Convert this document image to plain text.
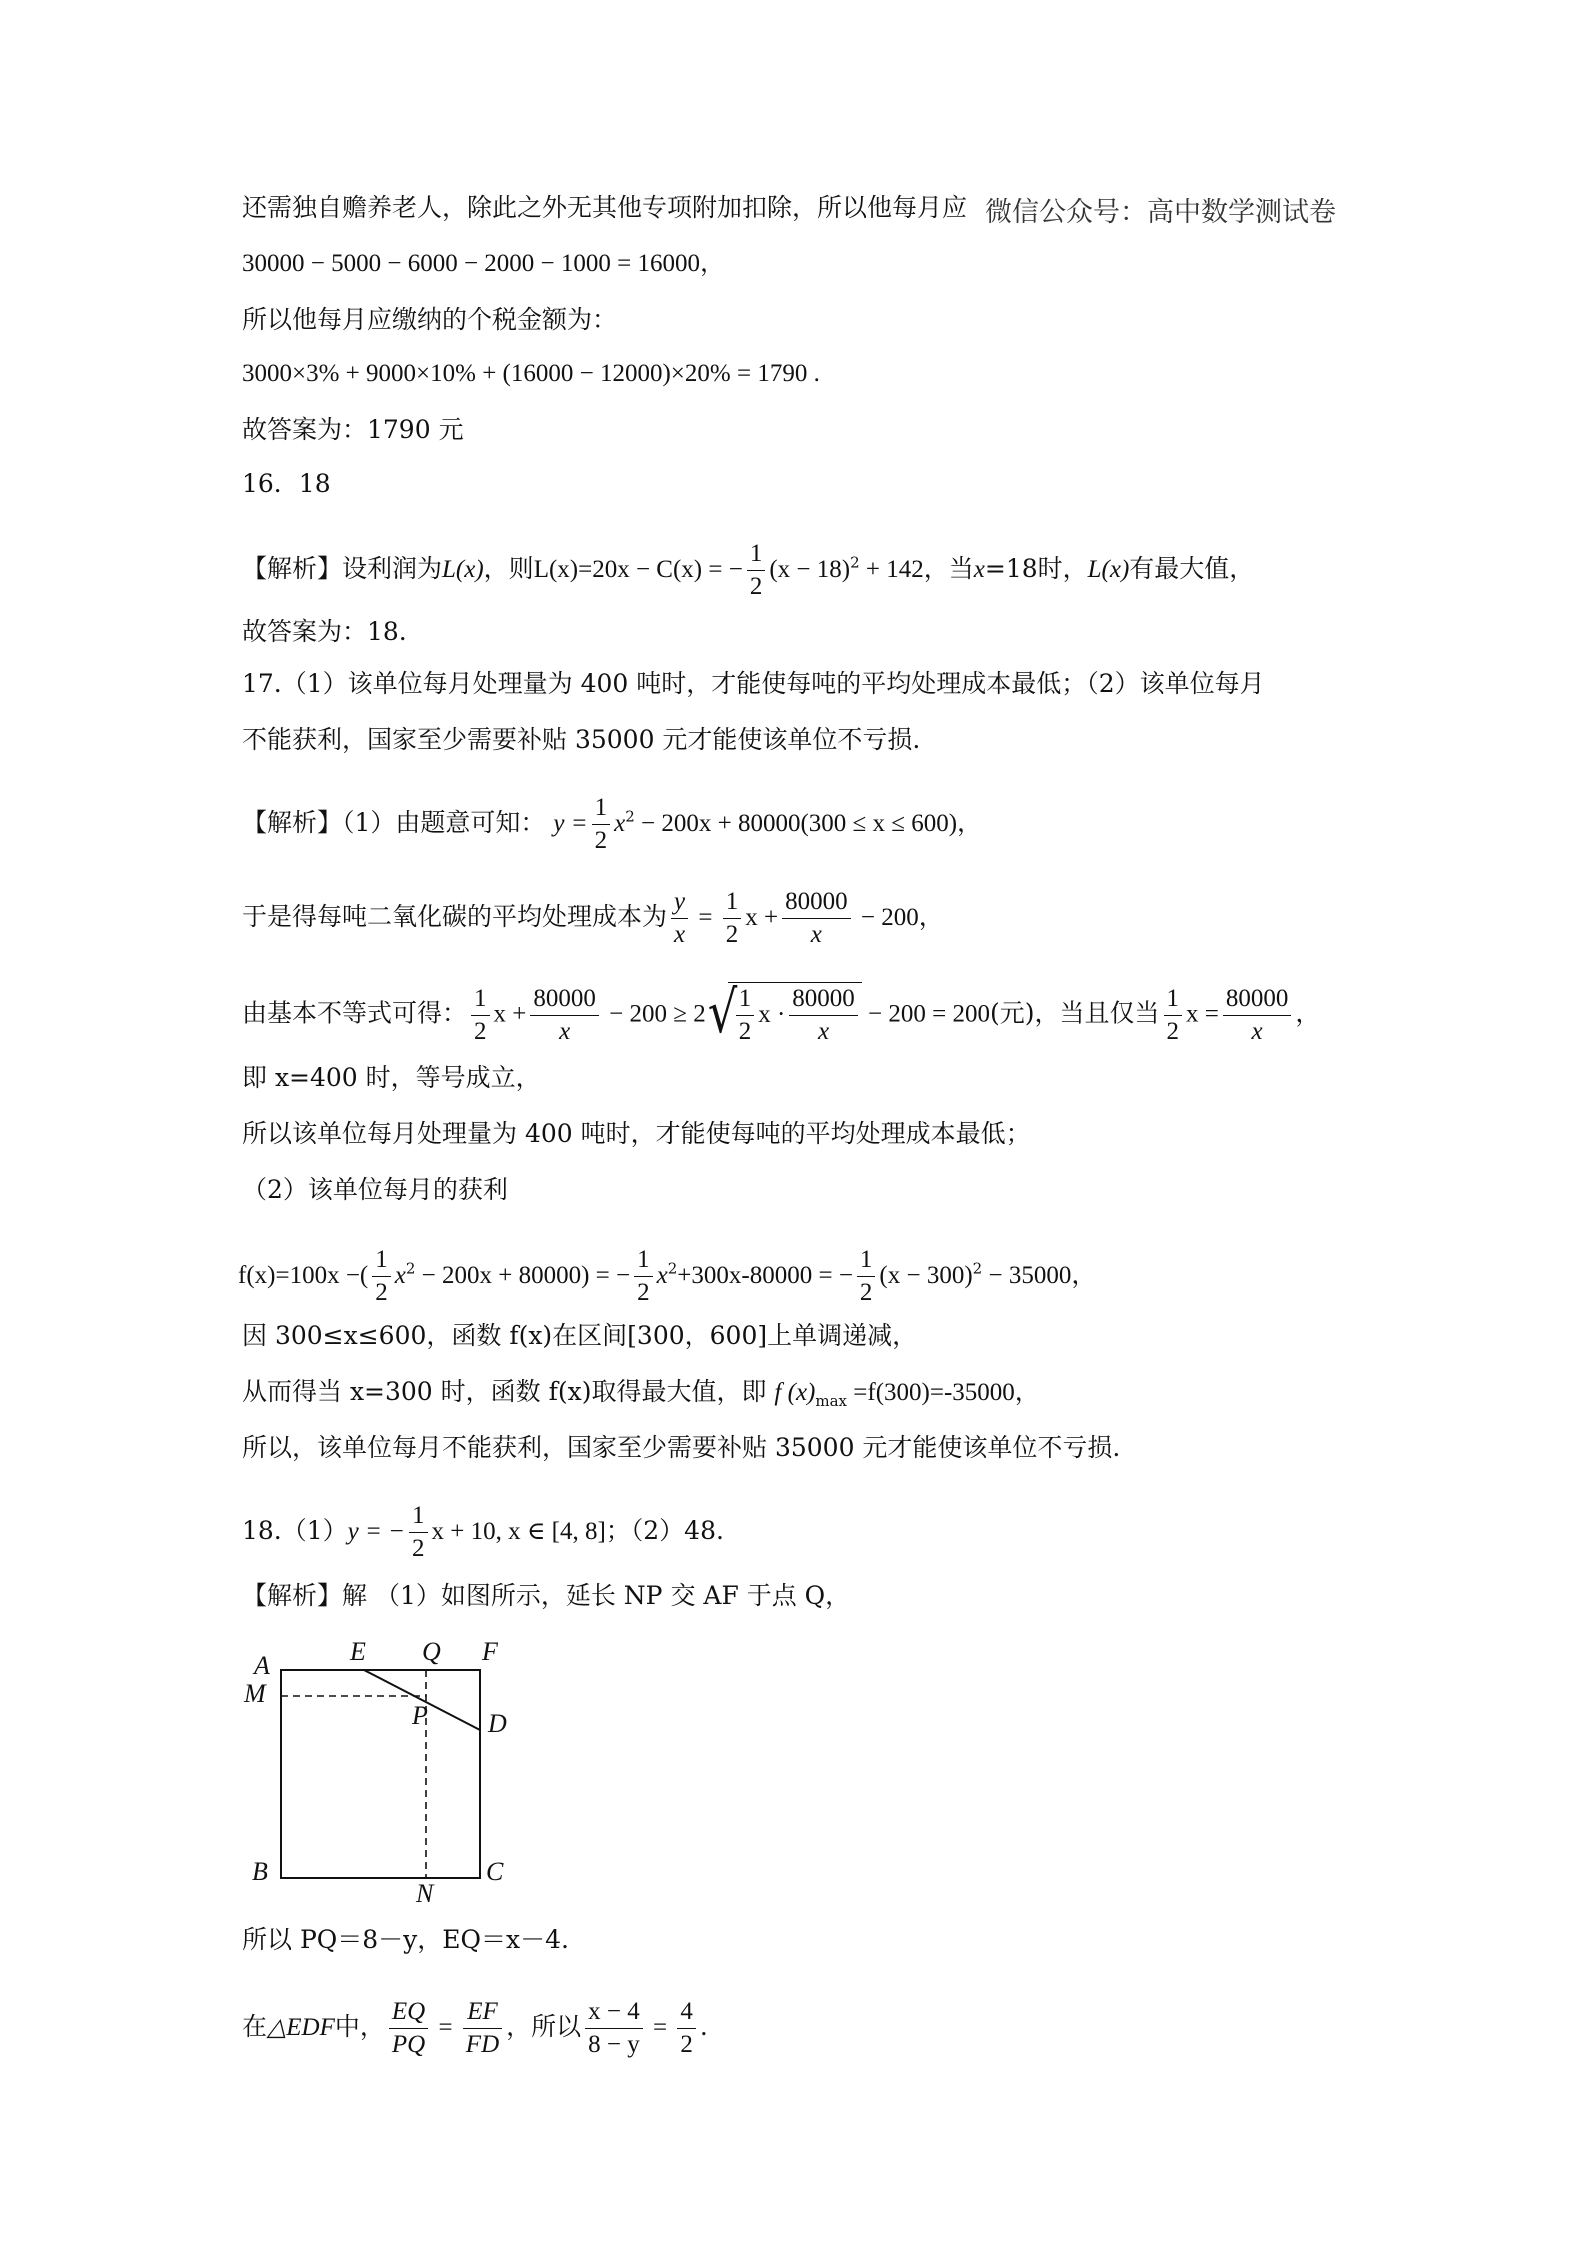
微信公众号：高中数学测试卷
还需独自赡养老人，除此之外无其他专项附加扣除，所以他每月应
30000 − 5000 − 6000 − 2000 − 1000 = 16000，
所以他每月应缴纳的个税金额为：
3000×3% + 9000×10% + (16000 − 12000)×20% = 1790 .
故答案为：1790 元
16．18
【解析】设利润为L(x)，则L(x)=20x − C(x) = − $\frac{1}{2} (x - 18)^2 + 142$，当x=18时，L(x)有最大值，
故答案为：18.
17.（1）该单位每月处理量为 400 吨时，才能使每吨的平均处理成本最低；（2）该单位每月
不能获利，国家至少需要补贴 35000 元才能使该单位不亏损.
【解析】（1）由题意可知： $y = \frac{1}{2} x^2 - 200x + 80000(300 \le x \le 600)$，
于是得每吨二氧化碳的平均处理成本为 $\frac{y}{x} = \frac{1}{2}$ $x + \frac{80000}{x} - 200$，
由基本不等式可得： $\frac{1}{2}$ $x + \frac{80000}{x} - 200 \ge 2$
√ $\frac{1}{2}$ $x \cdot \frac{80000}{x} - 200 = 200$(元)，当且仅当 $\frac{1}{2}$ $x = \frac{80000}{x}$ ，
即 x=400 时，等号成立，
所以该单位每月处理量为 400 吨时，才能使每吨的平均处理成本最低；
（2）该单位每月的获利
f(x)=100x −( $\frac{1}{2} x^2 - 200x + 80000$) = − $\frac{1}{2} x^2+300x-80000$ = − $\frac{1}{2} (x - 300)^2 - 35000$，
因 300≤x≤600，函数 f(x)在区间[300，600]上单调递减，
从而得当 x=300 时，函数 f(x)取得最大值，即 f $(x)_{max} =f(300)=-35000$，
所以，该单位每月不能获利，国家至少需要补贴 35000 元才能使该单位不亏损.
18.（1）y = − $\frac{1}{2}$ x + 10, x ∈ [4, 8]；（2）48.
【解析】解 （1）如图所示，延长 NP 交 AF 于点 Q，
A
M
B
E Q F
P D
N
C
所以 PQ＝8－y，EQ＝x－4.
在△EDF中， $\frac{EQ}{PQ} = \frac{EF}{FD}$ ，所以 $\frac{x - 4}{8 - y} = \frac{4}{2}$ .
